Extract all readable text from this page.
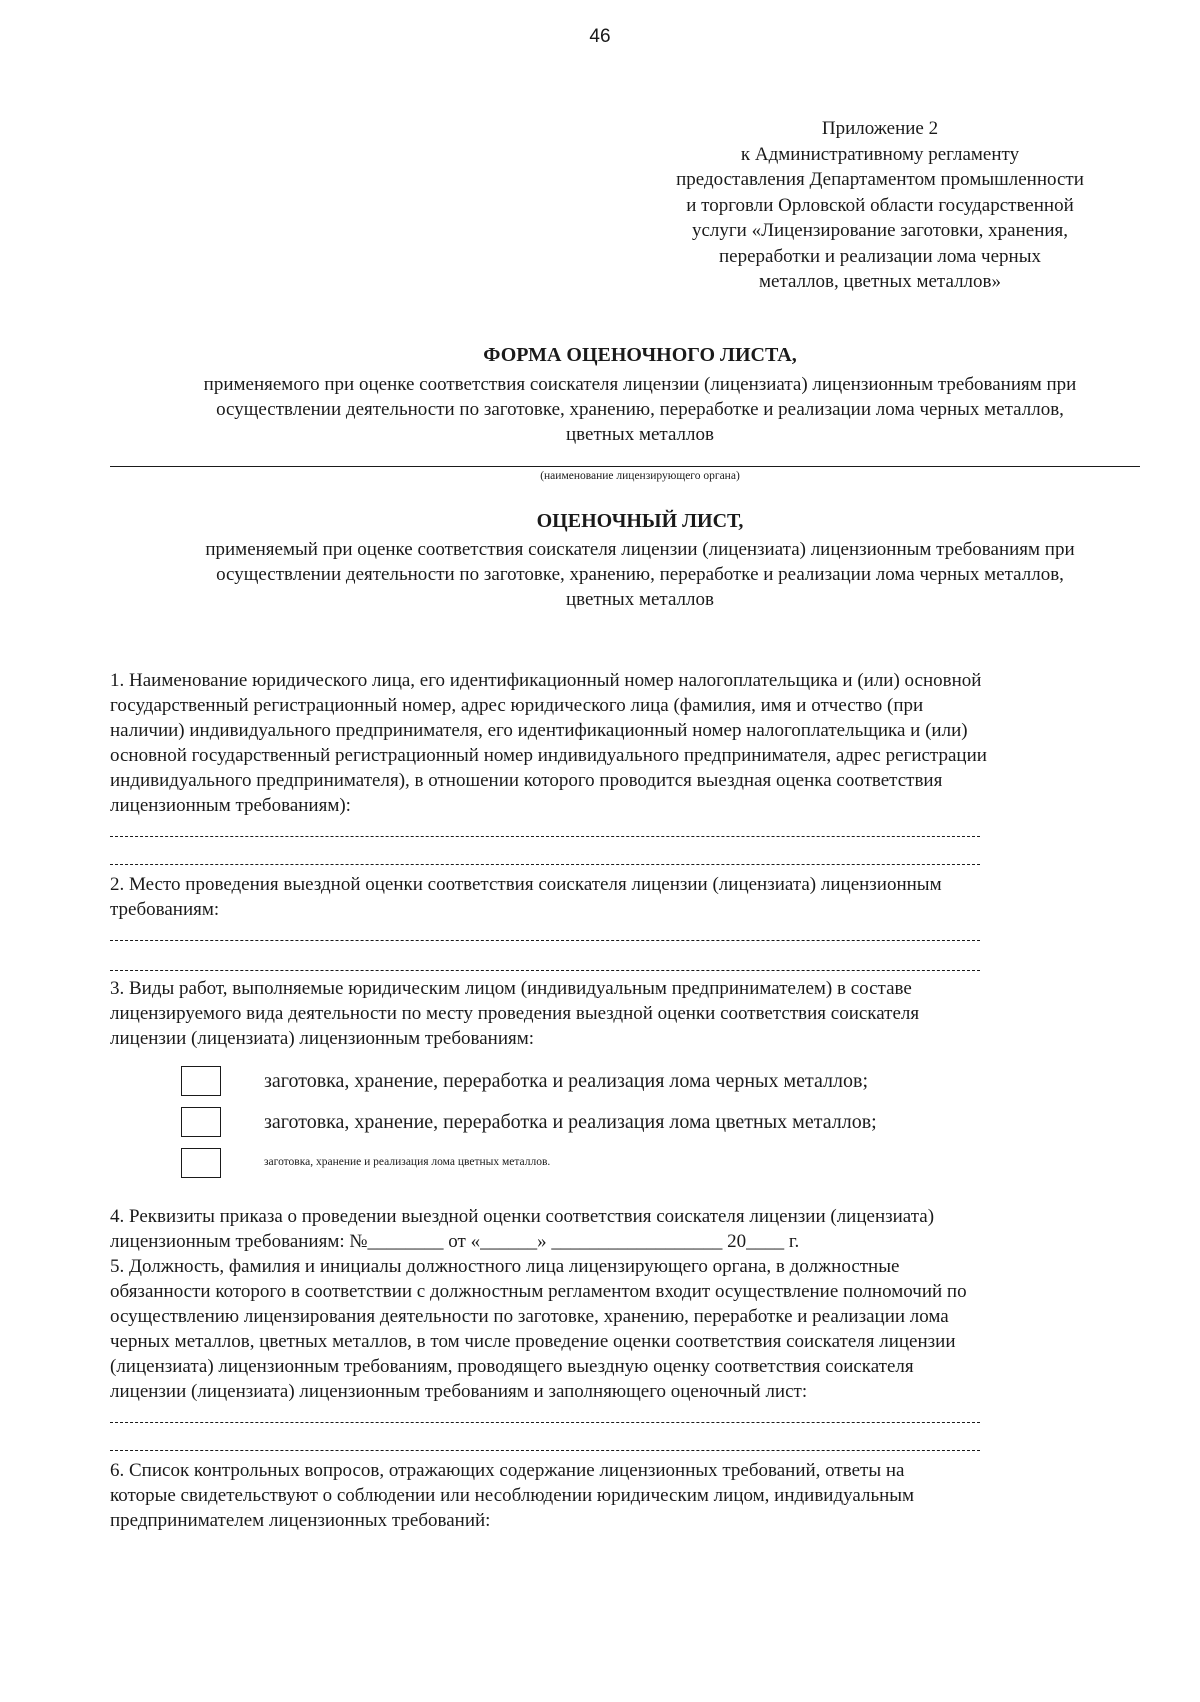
46
Приложение 2
к Административному регламенту
предоставления Департаментом промышленности
и торговли Орловской области государственной
услуги «Лицензирование заготовки, хранения,
переработки и реализации лома черных
металлов, цветных металлов»
ФОРМА ОЦЕНОЧНОГО ЛИСТА,
применяемого при оценке соответствия соискателя лицензии (лицензиата) лицензионным требованиям при
осуществлении деятельности по заготовке, хранению, переработке и реализации лома черных металлов,
цветных металлов
(наименование лицензирующего органа)
ОЦЕНОЧНЫЙ ЛИСТ,
применяемый при оценке соответствия соискателя лицензии (лицензиата) лицензионным требованиям при
осуществлении деятельности по заготовке, хранению, переработке и реализации лома черных металлов,
цветных металлов
1. Наименование юридического лица, его идентификационный номер налогоплательщика и (или) основной
государственный регистрационный номер, адрес юридического лица (фамилия, имя и отчество (при
наличии) индивидуального предпринимателя, его идентификационный номер налогоплательщика и (или)
основной государственный регистрационный номер индивидуального предпринимателя, адрес регистрации
индивидуального предпринимателя), в отношении которого проводится выездная оценка соответствия
лицензионным требованиям):
2. Место проведения выездной оценки соответствия соискателя лицензии (лицензиата) лицензионным
требованиям:
3. Виды работ, выполняемые юридическим лицом (индивидуальным предпринимателем) в составе
лицензируемого вида деятельности по месту проведения выездной оценки соответствия соискателя
лицензии (лицензиата) лицензионным требованиям:
заготовка, хранение, переработка и реализация лома черных металлов;
заготовка, хранение, переработка и реализация лома цветных металлов;
заготовка, хранение и реализация лома цветных металлов.
4. Реквизиты приказа о проведении выездной оценки соответствия соискателя лицензии (лицензиата)
лицензионным требованиям: №________ от «______» __________________ 20____ г.
5. Должность, фамилия и инициалы должностного лица лицензирующего органа, в должностные
обязанности которого в соответствии с должностным регламентом входит осуществление полномочий по
осуществлению лицензирования деятельности по заготовке, хранению, переработке и реализации лома
черных металлов, цветных металлов, в том числе проведение оценки соответствия соискателя лицензии
(лицензиата) лицензионным требованиям, проводящего выездную оценку соответствия соискателя
лицензии (лицензиата) лицензионным требованиям и заполняющего оценочный лист:
6. Список контрольных вопросов, отражающих содержание лицензионных требований, ответы на
которые свидетельствуют о соблюдении или несоблюдении юридическим лицом, индивидуальным
предпринимателем лицензионных требований:
